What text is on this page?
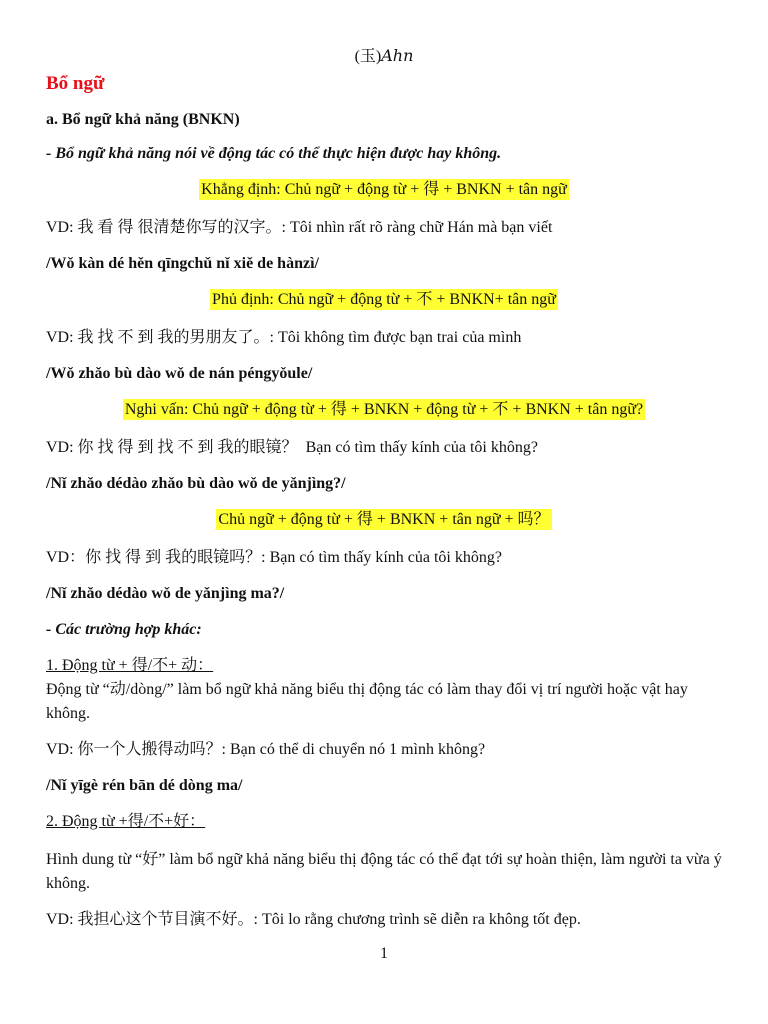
(玉)Ahn
Bổ ngữ
a. Bổ ngữ khả năng (BNKN)
- Bổ ngữ khả năng nói về động tác có thể thực hiện được hay không.
Khẳng định: Chủ ngữ + động từ + 得 + BNKN + tân ngữ
VD: 我 看 得 很清楚你写的汉字。: Tôi nhìn rất rõ ràng chữ Hán mà bạn viết
/Wǒ kàn dé hěn qīngchǔ nǐ xiě de hànzì/
Phủ định: Chủ ngữ + động từ + 不 + BNKN+ tân ngữ
VD: 我 找 不 到 我的男朋友了。: Tôi không tìm được bạn trai của mình
/Wǒ zhǎo bù dào wǒ de nán péngyǒule/
Nghi vấn: Chủ ngữ + động từ + 得 + BNKN + động từ + 不 + BNKN + tân ngữ?
VD: 你 找 得 到 找 不 到 我的眼镜？ Bạn có tìm thấy kính của tôi không?
/Nǐ zhǎo dédào zhǎo bù dào wǒ de yǎnjìng?/
Chủ ngữ + động từ + 得 + BNKN + tân ngữ + 吗？
VD：你 找 得 到 我的眼镜吗？: Bạn có tìm thấy kính của tôi không?
/Nǐ zhǎo dédào wǒ de yǎnjìng ma?/
- Các trường hợp khác:
1. Động từ + 得/不+ 动：
Động từ “动/dòng/” làm bổ ngữ khả năng biểu thị động tác có làm thay đổi vị trí người hoặc vật hay không.
VD: 你一个人搬得动吗？: Bạn có thể di chuyển nó 1 mình không?
/Nǐ yīgè rén bān dé dòng ma/
2. Động từ +得/不+好：
Hình dung từ “好” làm bổ ngữ khả năng biểu thị động tác có thể đạt tới sự hoàn thiện, làm người ta vừa ý không.
VD: 我担心这个节目演不好。: Tôi lo rằng chương trình sẽ diễn ra không tốt đẹp.
1
